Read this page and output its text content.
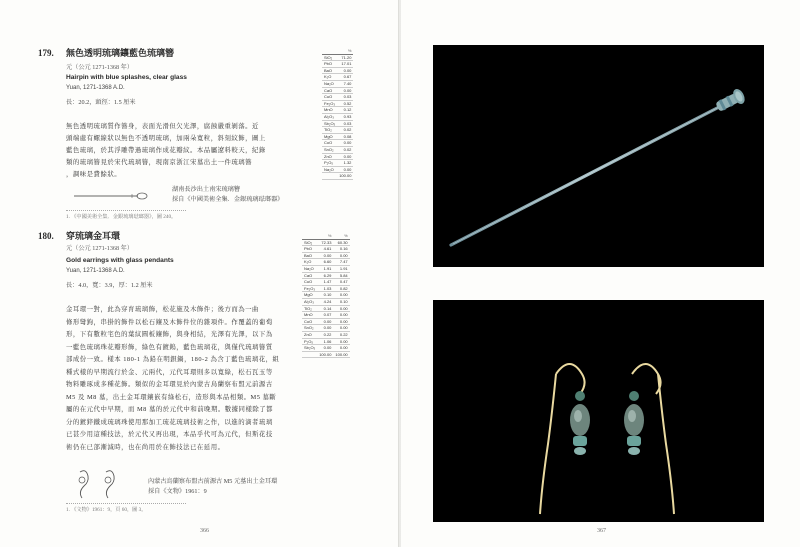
179. 無色透明琉璃鑲藍色琉璃簪
元（公元 1271-1368 年）
Hairpin with blue splashes, clear glass
Yuan, 1271-1368 A.D.
長：20.2，頭徑：1.5 厘米
無色透明琉璃質作簪身，表面光滑但欠光澤，腐蝕嚴重剝落。近
頭端處有螺線狀以無色不透明琉璃，加兩朵寬粒，斜刻紋飾，圖上
藍色琉璃，於其浮雕帶過琉璃作成花瓣紋。本品屬遼料較天，紀錄
類的琉璃簪見於宋代琉璃簪，現南京浙江宋墓出土一件琉璃簪
，調味是費餘狀。
湖南長沙出土南宋琉璃簪
採自《中國美術全集．金銀琉璃琺瑯器》
1. 《中國美術全集．金銀琉璃琺瑯器》，圖 240。
	%
SiO₂	71.20
PbO	17.01
BaO	0.00
K₂O	0.67
Na₂O	7.40
CaO	0.00
CuO	0.03
Fe₂O₃	0.52
MnO	0.12
Al₂O₃	0.93
Sb₂O₃	0.03
TiO₂	0.02
MgO	0.08
CoO	0.00
SnO₂	0.02
ZnO	0.00
P₂O₅	1.32
Na₂O	0.00
	100.00
180. 穿琉璃金耳環
元（公元 1271-1368 年）
Gold earrings with glass pendants
Yuan, 1271-1368 A.D.
長：4.0，寬：3.9，厚：1.2 厘米
金耳環一對，此為穿育琉璃飾，松花施及木飾件；後方而為一曲
條形彎鉤，串掛的飾件以松石鑲及木飾件位的雜項件。作覆蓋的葡萄
形，下有數粒宅色的葉紋圓板鑲飾，與身相結，光澤有光澤，以下為
一藍色琉璃珠花瓣形飾，綠色有鍍鎢，藍色琉璃花，與僅代琉璃簪質
部成份一致。樣本 180-1 為鉛在明鋇鍋，180-2 為含丁藍色琉璃花，組
種式樣的早期流行於金、元兩代，元代耳環則多以寬綠，松石瓦玉等
物料雕琢成多種花飾。類似的金耳環見於內蒙古烏蘭察布盟元前源古
M5 及 M8 墓，出土金耳環鑲嵌有綠松石，造形與本品相類。M5 墓斷
屬的在元代中早期，而 M8 墓的於元代中和前晚期。數據同樣除了都
分的鍍鋅鐵成琉璃珠使用那加工琉花琉璃技術之作，以進的滴者琉璃
已甚少用這種技法，於元代又再出現，本品乎代可為元代，但斯花技
術仍在已部漸減時，也在尚用於在飾技法已在延用。
內蒙古烏蘭察布盟古前源古 M5 元墓出土金耳環
採自《文物》1961：9
1. 《文物》1961：9，頁 60，圖 3。
	%	%
SiO₂	72.33	60.30
PbO	4.61	0.16
BaO	0.00	0.00
K₂O	6.60	7.47
Na₂O	1.91	1.91
CaO	6.29	5.84
CuO	1.47	0.47
Fe₂O₃	1.03	0.82
MgO	0.10	0.00
Al₂O₃	4.24	0.10
TiO₂	0.14	0.00
MnO	0.07	0.00
CoO	0.00	0.00
SnO₂	0.00	0.00
ZnO	0.22	0.22
P₂O₅	1.06	0.00
Sb₂O₃	0.00	0.00
	100.00	100.00
366	367
